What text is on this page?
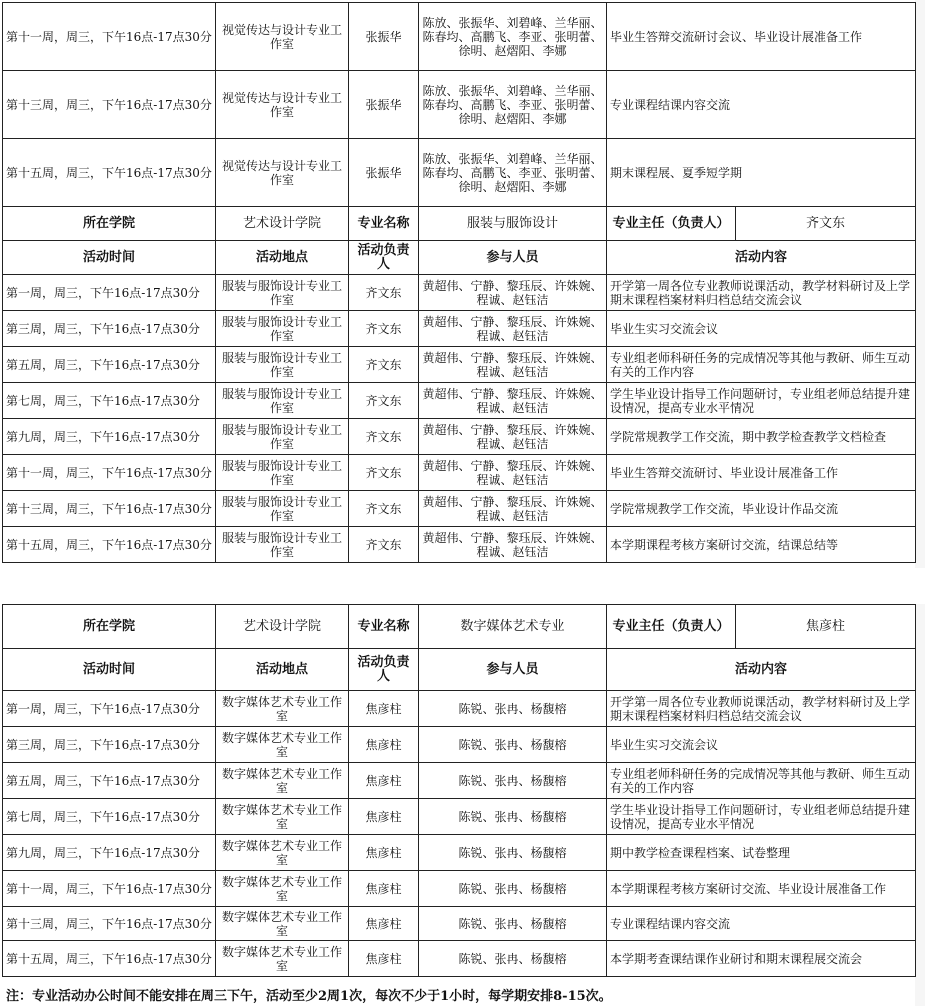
第十一周，周三，下午16点-17点30分	视觉传达与设计专业工作室	张振华	陈放、张振华、刘碧峰、兰华丽、陈春均、高鹏飞、李亚、张明蕾、徐明、赵熠阳、李娜	毕业生答辩交流研讨会议、毕业设计展准备工作	
第十三周，周三，下午16点-17点30分	视觉传达与设计专业工作室	张振华	陈放、张振华、刘碧峰、兰华丽、陈春均、高鹏飞、李亚、张明蕾、徐明、赵熠阳、李娜	专业课程结课内容交流	
第十五周，周三，下午16点-17点30分	视觉传达与设计专业工作室	张振华	陈放、张振华、刘碧峰、兰华丽、陈春均、高鹏飞、李亚、张明蕾、徐明、赵熠阳、李娜	期末课程展、夏季短学期	
所在学院	艺术设计学院	专业名称	服装与服饰设计	专业主任（负责人）	齐文东
活动时间	活动地点	活动负责人	参与人员	活动内容	
第一周，周三，下午16点-17点30分	服装与服饰设计专业工作室	齐文东	黄超伟、宁静、黎珏辰、许姝婉、程诚、赵钰洁	开学第一周各位专业教师说课活动，教学材料研讨及上学期末课程档案材料归档总结交流会议	
第三周，周三，下午16点-17点30分	服装与服饰设计专业工作室	齐文东	黄超伟、宁静、黎珏辰、许姝婉、程诚、赵钰洁	毕业生实习交流会议	
第五周，周三，下午16点-17点30分	服装与服饰设计专业工作室	齐文东	黄超伟、宁静、黎珏辰、许姝婉、程诚、赵钰洁	专业组老师科研任务的完成情况等其他与教研、师生互动有关的工作内容	
第七周，周三，下午16点-17点30分	服装与服饰设计专业工作室	齐文东	黄超伟、宁静、黎珏辰、许姝婉、程诚、赵钰洁	学生毕业设计指导工作问题研讨，专业组老师总结提升建设情况，提高专业水平情况	
第九周，周三，下午16点-17点30分	服装与服饰设计专业工作室	齐文东	黄超伟、宁静、黎珏辰、许姝婉、程诚、赵钰洁	学院常规教学工作交流，期中教学检查教学文档检查	
第十一周，周三，下午16点-17点30分	服装与服饰设计专业工作室	齐文东	黄超伟、宁静、黎珏辰、许姝婉、程诚、赵钰洁	毕业生答辩交流研讨、毕业设计展准备工作	
第十三周，周三，下午16点-17点30分	服装与服饰设计专业工作室	齐文东	黄超伟、宁静、黎珏辰、许姝婉、程诚、赵钰洁	学院常规教学工作交流，毕业设计作品交流	
第十五周，周三，下午16点-17点30分	服装与服饰设计专业工作室	齐文东	黄超伟、宁静、黎珏辰、许姝婉、程诚、赵钰洁	本学期课程考核方案研讨交流，结课总结等	
所在学院	艺术设计学院	专业名称	数字媒体艺术专业	专业主任（负责人）	焦彦柱
活动时间	活动地点	活动负责人	参与人员	活动内容	
第一周，周三，下午16点-17点30分	数字媒体艺术专业工作室	焦彦柱	陈锐、张冉、杨馥榕	开学第一周各位专业教师说课活动，教学材料研讨及上学期末课程档案材料归档总结交流会议	
第三周，周三，下午16点-17点30分	数字媒体艺术专业工作室	焦彦柱	陈锐、张冉、杨馥榕	毕业生实习交流会议	
第五周，周三，下午16点-17点30分	数字媒体艺术专业工作室	焦彦柱	陈锐、张冉、杨馥榕	专业组老师科研任务的完成情况等其他与教研、师生互动有关的工作内容	
第七周，周三，下午16点-17点30分	数字媒体艺术专业工作室	焦彦柱	陈锐、张冉、杨馥榕	学生毕业设计指导工作问题研讨，专业组老师总结提升建设情况，提高专业水平情况	
第九周，周三，下午16点-17点30分	数字媒体艺术专业工作室	焦彦柱	陈锐、张冉、杨馥榕	期中教学检查课程档案、试卷整理	
第十一周，周三，下午16点-17点30分	数字媒体艺术专业工作室	焦彦柱	陈锐、张冉、杨馥榕	本学期课程考核方案研讨交流、毕业设计展准备工作	
第十三周，周三，下午16点-17点30分	数字媒体艺术专业工作室	焦彦柱	陈锐、张冉、杨馥榕	专业课程结课内容交流	
第十五周，周三，下午16点-17点30分	数字媒体艺术专业工作室	焦彦柱	陈锐、张冉、杨馥榕	本学期考查课结课作业研讨和期末课程展交流会	
注：专业活动办公时间不能安排在周三下午，活动至少2周1次，每次不少于1小时，每学期安排8-15次。
